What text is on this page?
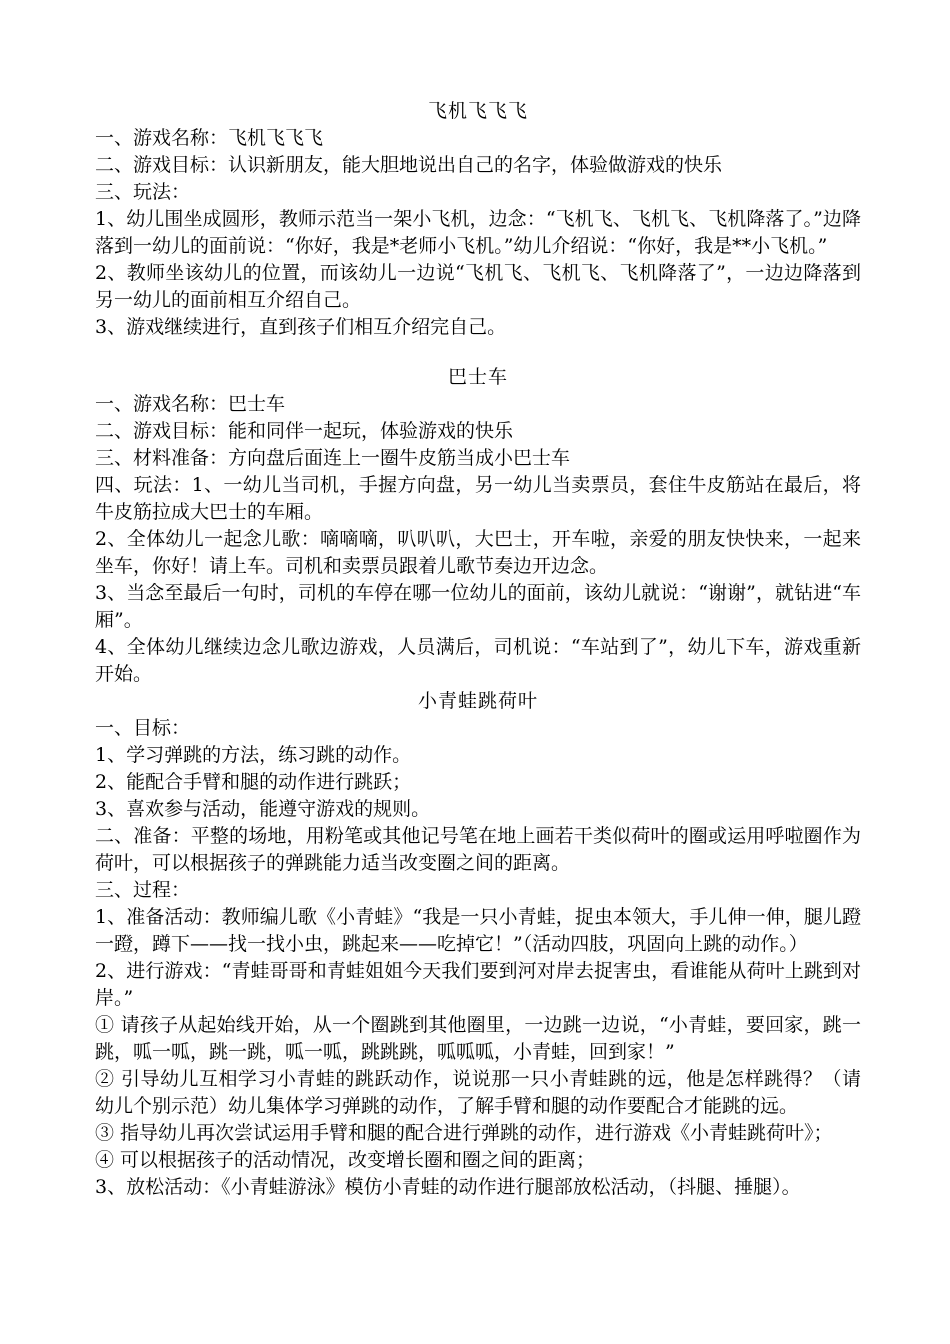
飞机飞飞飞

一、游戏名称：飞机飞飞飞

二、游戏目标：认识新朋友，能大胆地说出自己的名字，体验做游戏的快乐

三、玩法：

1、幼儿围坐成圆形，教师示范当一架小飞机，边念：“飞机飞、飞机飞、飞机降落了。”边降落到一幼儿的面前说：“你好，我是*老师小飞机。”幼儿介绍说：“你好，我是**小飞机。”

2、教师坐该幼儿的位置，而该幼儿一边说“飞机飞、飞机飞、飞机降落了”，一边边降落到另一幼儿的面前相互介绍自己。

3、游戏继续进行，直到孩子们相互介绍完自己。

巴士车

一、游戏名称：巴士车

二、游戏目标：能和同伴一起玩，体验游戏的快乐

三、材料准备：方向盘后面连上一圈牛皮筋当成小巴士车

四、玩法：1、一幼儿当司机，手握方向盘，另一幼儿当卖票员，套住牛皮筋站在最后，将牛皮筋拉成大巴士的车厢。

2、全体幼儿一起念儿歌：嘀嘀嘀，叭叭叭，大巴士，开车啦，亲爱的朋友快快来，一起来坐车，你好！请上车。司机和卖票员跟着儿歌节奏边开边念。

3、当念至最后一句时，司机的车停在哪一位幼儿的面前，该幼儿就说：“谢谢”，就钻进“车厢”。

4、全体幼儿继续边念儿歌边游戏，人员满后，司机说：“车站到了”，幼儿下车，游戏重新开始。

小青蛙跳荷叶

一、目标：

1、学习弹跳的方法，练习跳的动作。

2、能配合手臂和腿的动作进行跳跃；

3、喜欢参与活动，能遵守游戏的规则。

二、准备：平整的场地，用粉笔或其他记号笔在地上画若干类似荷叶的圈或运用呼啦圈作为荷叶，可以根据孩子的弹跳能力适当改变圈之间的距离。

三、过程：

1、准备活动：教师编儿歌《小青蛙》“我是一只小青蛙，捉虫本领大，手儿伸一伸，腿儿蹬一蹬，蹲下——找一找小虫，跳起来——吃掉它！”（活动四肢，巩固向上跳的动作。）

2、进行游戏：“青蛙哥哥和青蛙姐姐今天我们要到河对岸去捉害虫，看谁能从荷叶上跳到对岸。”

① 请孩子从起始线开始，从一个圈跳到其他圈里，一边跳一边说，“小青蛙，要回家，跳一跳，呱一呱，跳一跳，呱一呱，跳跳跳，呱呱呱，小青蛙，回到家！”

② 引导幼儿互相学习小青蛙的跳跃动作，说说那一只小青蛙跳的远，他是怎样跳得？（请幼儿个别示范）幼儿集体学习弹跳的动作，了解手臂和腿的动作要配合才能跳的远。

③ 指导幼儿再次尝试运用手臂和腿的配合进行弹跳的动作，进行游戏《小青蛙跳荷叶》；

④ 可以根据孩子的活动情况，改变增长圈和圈之间的距离；

3、放松活动：《小青蛙游泳》模仿小青蛙的动作进行腿部放松活动，（抖腿、捶腿）。
